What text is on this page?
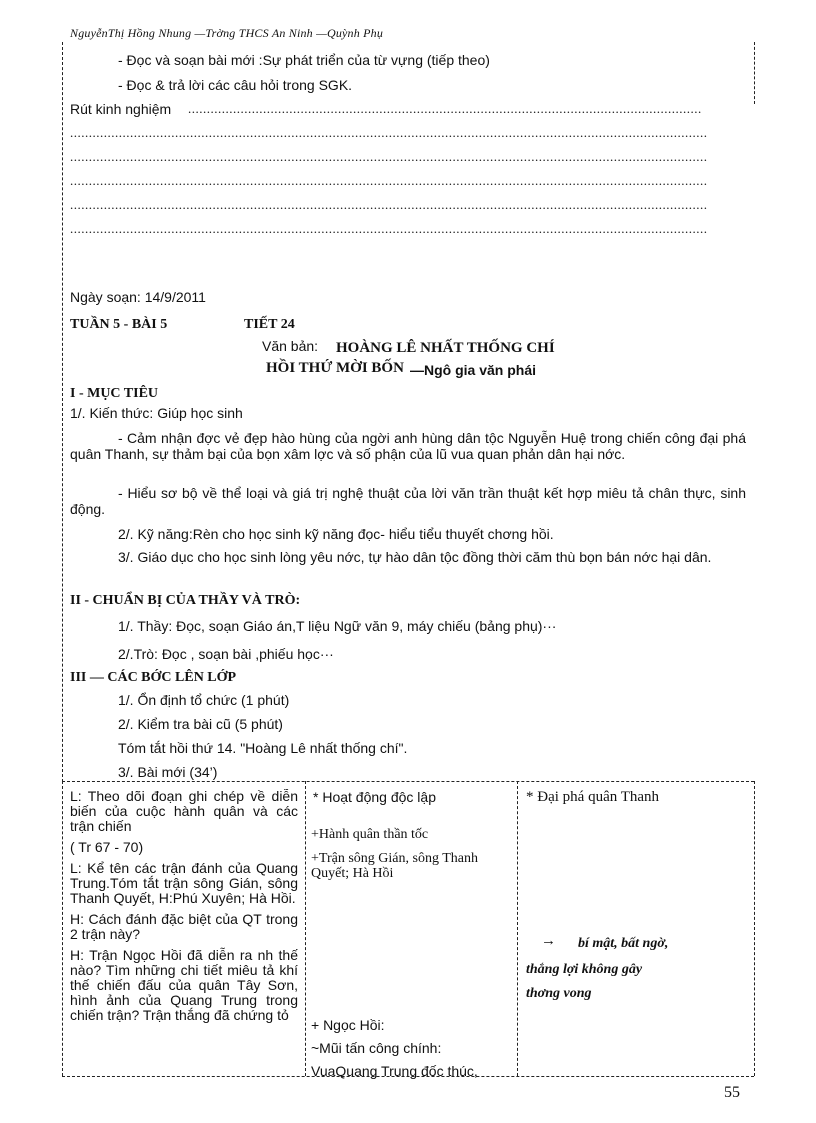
NguyễnThị Hồng Nhung —Trờng THCS An Ninh —Quỳnh Phụ
- Đọc và soạn bài mới :Sự phát triển của từ vựng (tiếp theo)
- Đọc & trả lời các câu hỏi trong SGK.
Rút kinh nghiệm .........................................................................................................................................
..........................................................................................................................................................................
..........................................................................................................................................................................
..........................................................................................................................................................................
..........................................................................................................................................................................
..........................................................................................................................................................................
Ngày soạn: 14/9/2011
TUẦN 5 - BÀI 5	TIẾT 24
Văn bản: HOÀNG LÊ NHẤT THỐNG CHÍ
HỒI THỨ MỜI BỐN —Ngô gia văn phái
I - MỤC TIÊU
1/. Kiến thức: Giúp học sinh
- Cảm nhận đợc vẻ đẹp hào hùng của ngời anh hùng dân tộc Nguyễn Huệ trong chiến công đại phá quân Thanh, sự thảm bại của bọn xâm lợc và số phận của lũ vua quan phản dân hại nớc.
- Hiểu sơ bộ về thể loại và giá trị nghệ thuật của lời văn trần thuật kết hợp miêu tả chân thực, sinh động.
2/. Kỹ năng:Rèn cho học sinh kỹ năng đọc- hiểu tiểu thuyết chơng hồi.
3/. Giáo dục cho học sinh lòng yêu nớc, tự hào dân tộc đồng thời căm thù bọn bán nớc hại dân.
II - CHUẨN BỊ CỦA THẦY VÀ TRÒ:
1/. Thầy: Đọc, soạn Giáo án,T liệu Ngữ văn 9, máy chiếu (bảng phụ)···
2/.Trò: Đọc , soạn bài ,phiếu học···
III — CÁC BỚC LÊN LỚP
1/. Ổn định tổ chức (1 phút)
2/. Kiểm tra bài cũ (5 phút)
Tóm tắt hồi thứ 14. "Hoàng Lê nhất thống chí".
3/. Bài mới (34’)

L: Theo dõi đoạn ghi chép về diễn biến của cuộc hành quân và các trận chiến

( Tr 67 - 70)

L: Kể tên các trận đánh của Quang Trung.Tóm tắt trận sông Gián, sông Thanh Quyết, H:Phú Xuyên; Hà Hồi.

H: Cách đánh đặc biệt của QT trong 2 trận này?

H: Trận Ngọc Hồi đã diễn ra nh thế nào? Tìm những chi tiết miêu tả khí thế chiến đấu của quân Tây Sơn, hình ảnh của Quang Trung trong chiến trận? Trận thắng đã chứng tỏ

* Hoạt động độc lập
+Hành quân thần tốc
+Trận sông Gián, sông Thanh Quyết; Hà Hồi
+ Ngọc Hồi:
~Mũi tấn công chính:
VuaQuang Trung đốc thúc,
* Đại phá quân Thanh
→ bí mật, bất ngờ,
thắng lợi không gây
thơng vong
55
